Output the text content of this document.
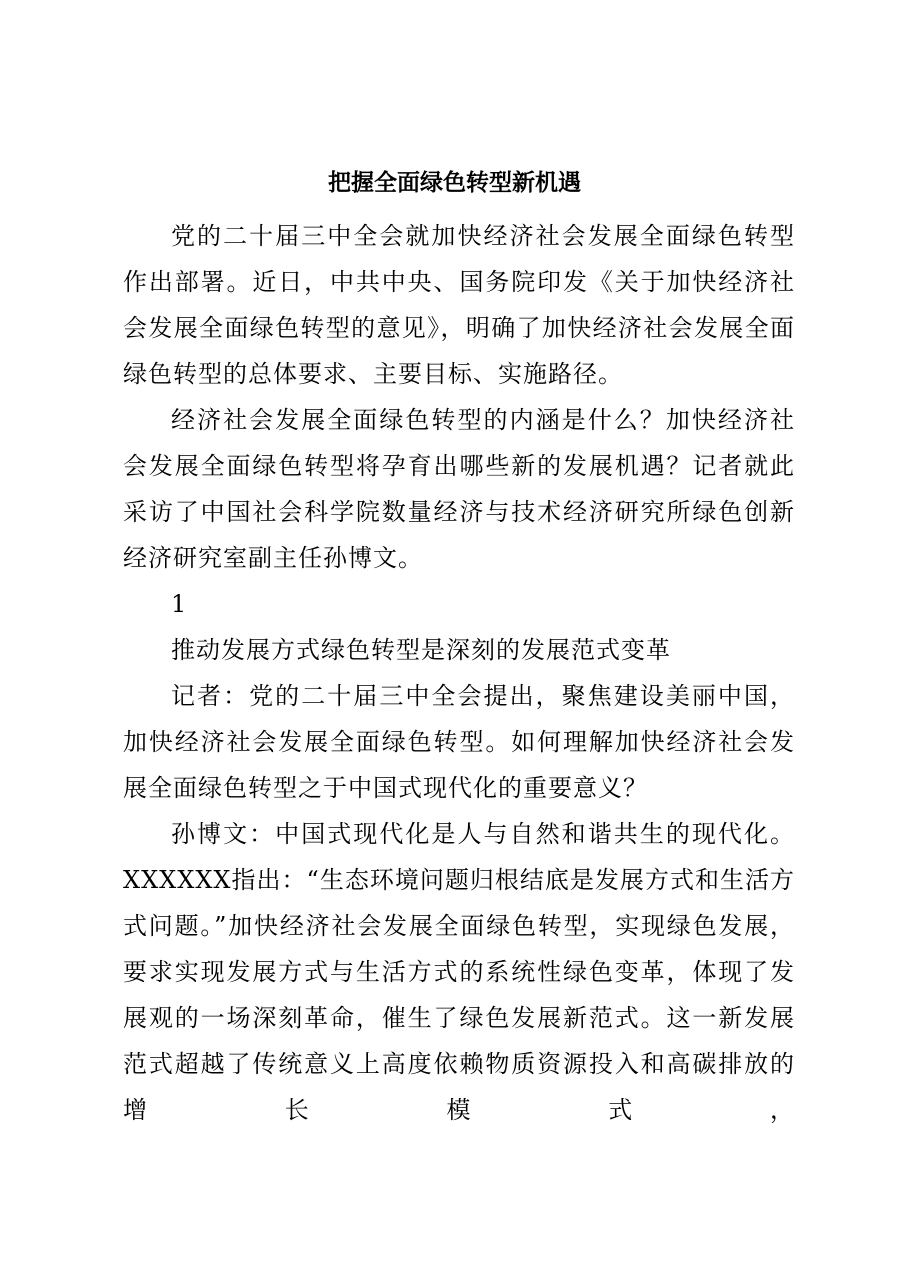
把握全面绿色转型新机遇

党的二十届三中全会就加快经济社会发展全面绿色转型作出部署。近日，中共中央、国务院印发《关于加快经济社会发展全面绿色转型的意见》，明确了加快经济社会发展全面绿色转型的总体要求、主要目标、实施路径。

经济社会发展全面绿色转型的内涵是什么？加快经济社会发展全面绿色转型将孕育出哪些新的发展机遇？记者就此采访了中国社会科学院数量经济与技术经济研究所绿色创新经济研究室副主任孙博文。

1

推动发展方式绿色转型是深刻的发展范式变革

记者：党的二十届三中全会提出，聚焦建设美丽中国，加快经济社会发展全面绿色转型。如何理解加快经济社会发展全面绿色转型之于中国式现代化的重要意义？

孙博文：中国式现代化是人与自然和谐共生的现代化。XXXXXX指出：“生态环境问题归根结底是发展方式和生活方式问题。”加快经济社会发展全面绿色转型，实现绿色发展，要求实现发展方式与生活方式的系统性绿色变革，体现了发展观的一场深刻革命，催生了绿色发展新范式。这一新发展范式超越了传统意义上高度依赖物质资源投入和高碳排放的增长模式，
